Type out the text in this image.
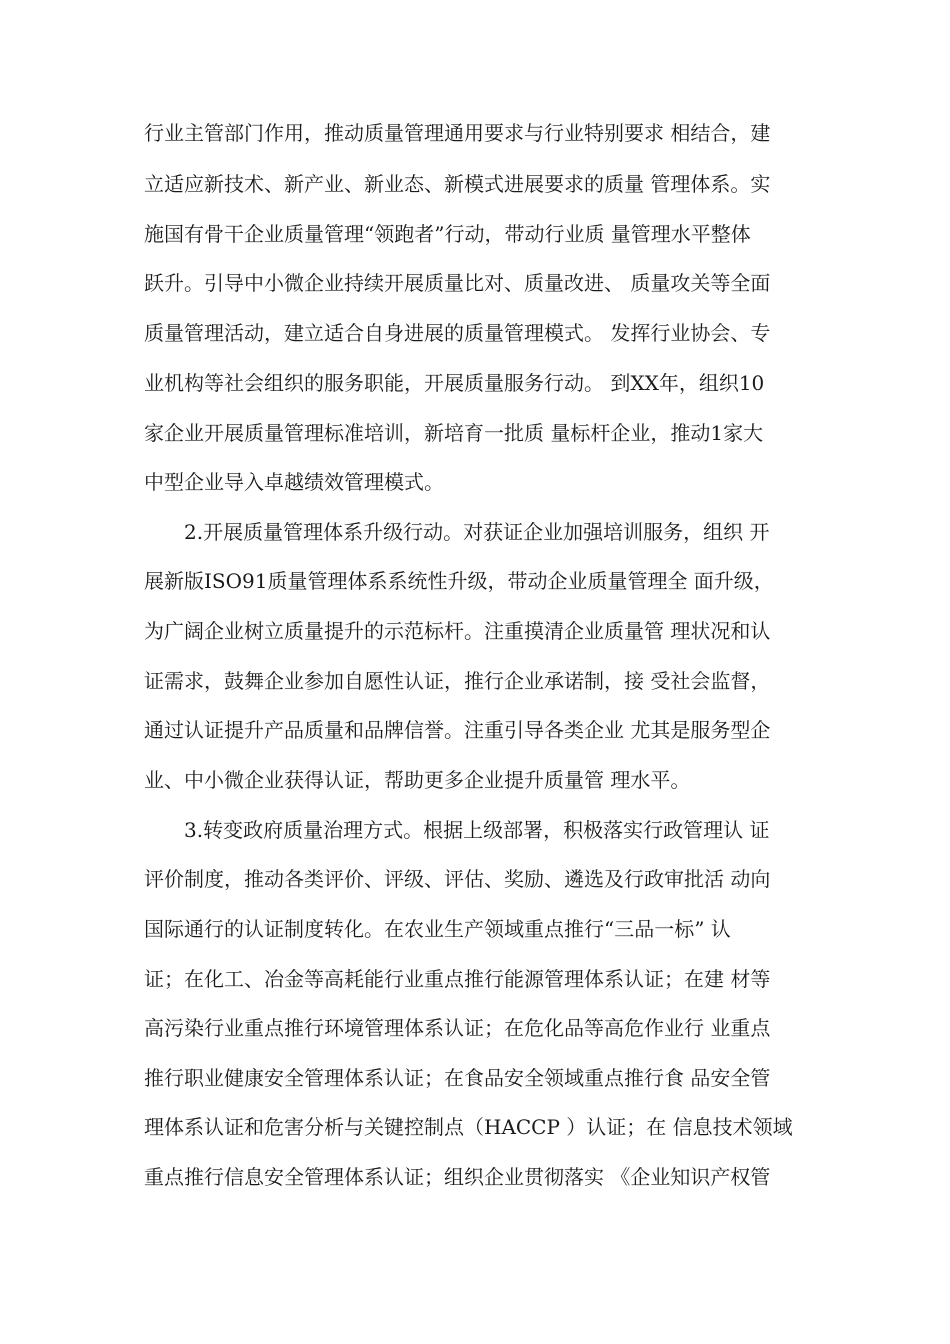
行业主管部门作用，推动质量管理通用要求与行业特别要求 相结合，建
立适应新技术、新产业、新业态、新模式进展要求的质量 管理体系。实
施国有骨干企业质量管理“领跑者”行动，带动行业质 量管理水平整体
跃升。引导中小微企业持续开展质量比对、质量改进、 质量攻关等全面
质量管理活动，建立适合自身进展的质量管理模式。 发挥行业协会、专
业机构等社会组织的服务职能，开展质量服务行动。 到XX年，组织10
家企业开展质量管理标准培训，新培育一批质 量标杆企业，推动1家大
中型企业导入卓越绩效管理模式。
2.开展质量管理体系升级行动。对获证企业加强培训服务，组织 开
展新版ISO91质量管理体系系统性升级，带动企业质量管理全 面升级，
为广阔企业树立质量提升的示范标杆。注重摸清企业质量管 理状况和认
证需求，鼓舞企业参加自愿性认证，推行企业承诺制，接 受社会监督，
通过认证提升产品质量和品牌信誉。注重引导各类企业 尤其是服务型企
业、中小微企业获得认证，帮助更多企业提升质量管 理水平。
3.转变政府质量治理方式。根据上级部署，积极落实行政管理认 证
评价制度，推动各类评价、评级、评估、奖励、遴选及行政审批活 动向
国际通行的认证制度转化。在农业生产领域重点推行“三品一标” 认
证；在化工、冶金等高耗能行业重点推行能源管理体系认证；在建 材等
高污染行业重点推行环境管理体系认证；在危化品等高危作业行 业重点
推行职业健康安全管理体系认证；在食品安全领域重点推行食 品安全管
理体系认证和危害分析与关键控制点（HACCP ）认证；在 信息技术领域
重点推行信息安全管理体系认证；组织企业贯彻落实 《企业知识产权管
